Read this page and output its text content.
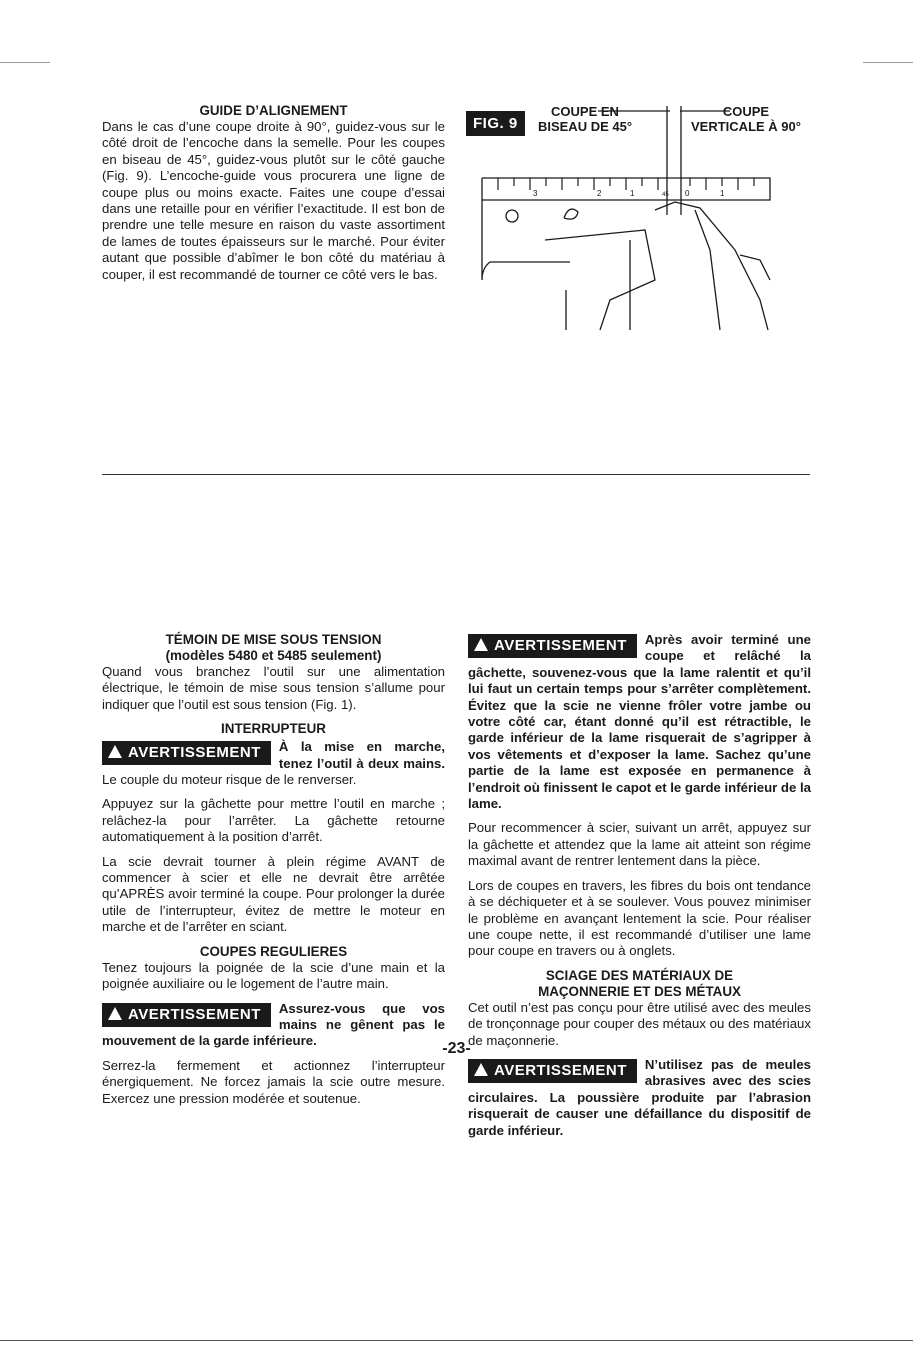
GUIDE D’ALIGNEMENT

Dans le cas d’une coupe droite à 90°, guidez-vous sur le côté droit de l’encoche dans la semelle. Pour les coupes en biseau de 45°, guidez-vous plutôt sur le côté gauche (Fig. 9). L’encoche-guide vous procurera une ligne de coupe plus ou moins exacte. Faites une coupe d’essai dans une retaille pour en vérifier l’exactitude. Il est bon de prendre une telle mesure en raison du vaste assortiment de lames de toutes épaisseurs sur le marché. Pour éviter autant que possible d’abîmer le bon côté du matériau à couper, il est recommandé de tourner ce côté vers le bas.

FIG. 9
COUPE EN
BISEAU DE 45°
COUPE
VERTICALE À 90°
3	2	1	45 0	1
TÉMOIN DE MISE SOUS TENSION
(modèles 5480 et 5485 seulement)

Quand vous branchez l’outil sur une alimentation électrique, le témoin de mise sous tension s’allume pour indiquer que l’outil est sous tension (Fig. 1).

INTERRUPTEUR

AVERTISSEMENT	À la mise en marche, tenez l’outil à deux mains. Le couple du moteur risque de le renverser.

Appuyez sur la gâchette pour mettre l’outil en marche ; relâchez-la pour l’arrêter. La gâchette retourne automatiquement à la position d’arrêt.

La scie devrait tourner à plein régime AVANT de commencer à scier et elle ne devrait être arrêtée qu’APRÈS avoir terminé la coupe. Pour prolonger la durée utile de l’interrupteur, évitez de mettre le moteur en marche et de l’arrêter en sciant.

COUPES REGULIERES

Tenez toujours la poignée de la scie d’une main et la poignée auxiliaire ou le logement de l’autre main.

AVERTISSEMENT	Assurez-vous que vos mains ne gênent pas le mouvement de la garde inférieure.

Serrez-la fermement et actionnez l’interrupteur énergiquement. Ne forcez jamais la scie outre mesure. Exercez une pression modérée et soutenue.

AVERTISSEMENT	Après avoir terminé une coupe et relâché la gâchette, souvenez-vous que la lame ralentit et qu’il lui faut un certain temps pour s’arrêter complètement. Évitez que la scie ne vienne frôler votre jambe ou votre côté car, étant donné qu’il est rétractible, le garde inférieur de la lame risquerait de s’agripper à vos vêtements et d’exposer la lame. Sachez qu’une partie de la lame est exposée en permanence à l’endroit où finissent le capot et le garde inférieur de la lame.

Pour recommencer à scier, suivant un arrêt, appuyez sur la gâchette et attendez que la lame ait atteint son régime maximal avant de rentrer lentement dans la pièce.

Lors de coupes en travers, les fibres du bois ont tendance à se déchiqueter et à se soulever. Vous pouvez minimiser le problème en avançant lentement la scie. Pour réaliser une coupe nette, il est recommandé d’utiliser une lame pour coupe en travers ou à onglets.

SCIAGE DES MATÉRIAUX DE
MAÇONNERIE ET DES MÉTAUX

Cet outil n’est pas conçu pour être utilisé avec des meules de tronçonnage pour couper des métaux ou des matériaux de maçonnerie.

AVERTISSEMENT	N’utilisez pas de meules abrasives avec des scies circulaires. La poussière produite par l’abrasion risquerait de causer une défaillance du dispositif de garde inférieur.

-23-
